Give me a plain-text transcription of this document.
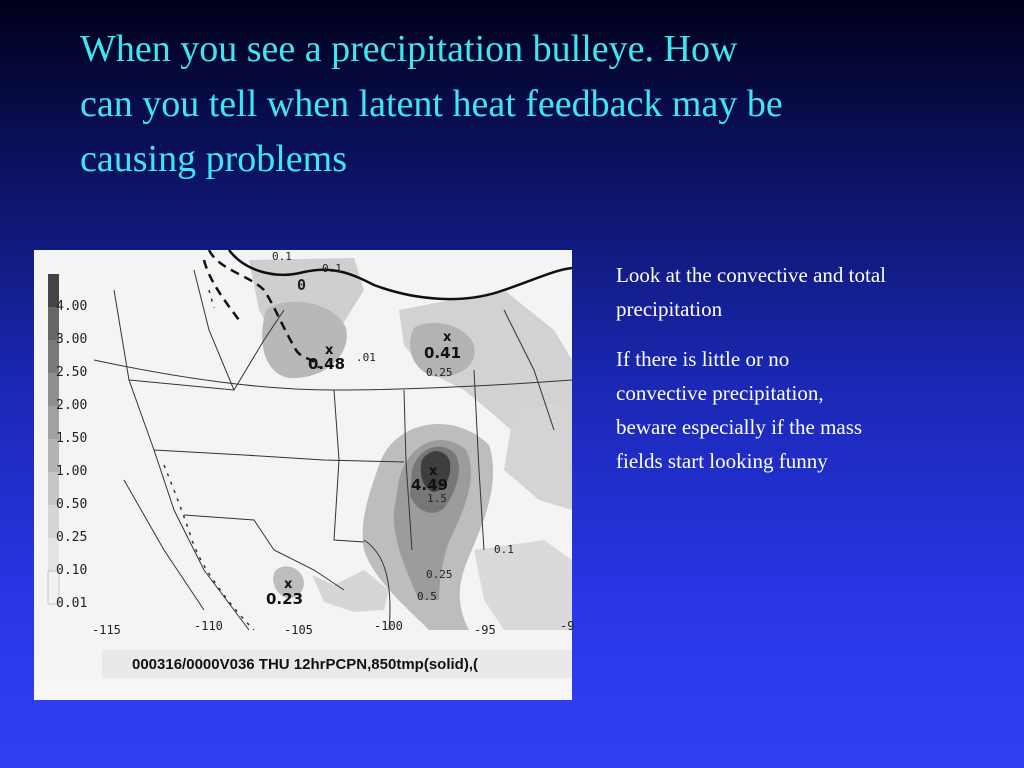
When you see a precipitation bulleye. How
can you tell when latent heat feedback may be
causing problems
4.00
3.00
2.50
2.00
1.50
1.00
0.50
0.25
0.10
0.01
0.1
0
0.1
.01
0.25
1.5
0.1
0.25
0.5
x
0.48
x
0.41
x
4.49
x
0.23
-115	-110	-105	-100	-95	-9
000316/0000V036 THU 12hrPCPN,850tmp(solid),(

Look at the convective and total
precipitation

If there is little or no
convective precipitation,
beware especially if the mass
fields start looking funny
